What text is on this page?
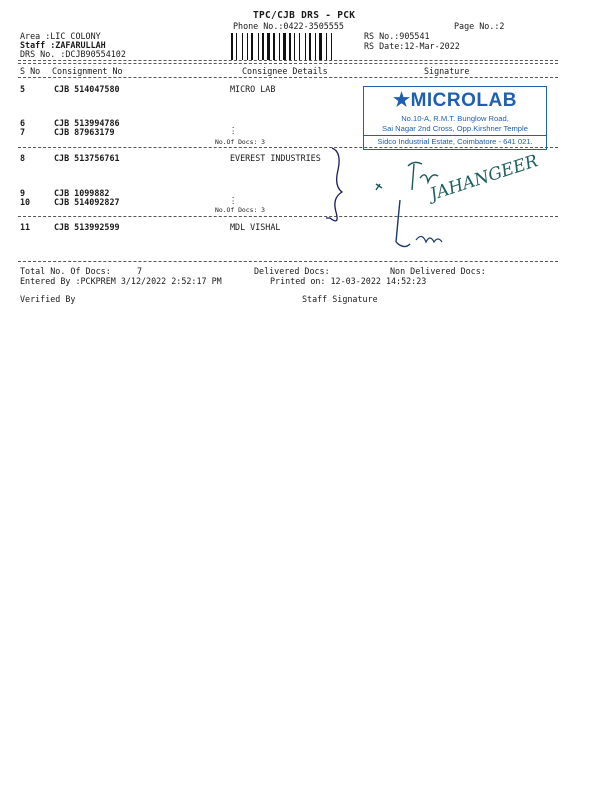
TPC/CJB DRS - PCK
Phone No.:0422-3505555	Page No.:2
Area :LIC COLONY
Staff :ZAFARULLAH
DRS No. :DCJB90554102
RS No.:905541
RS Date:12-Mar-2022
S No Consignment No	Consignee Details	Signature
5	CJB 514047580	MICRO LAB
6	CJB 513994786
7	CJB 87963179
.
:
No.Of Docs: 3
8	CJB 513756761	EVEREST INDUSTRIES
9	CJB 1099882
10	CJB 514092827
.
:
No.Of Docs: 3
11	CJB 513992599	MDL VISHAL
★MICROLAB
No.10-A, R.M.T. Bunglow Road,
Sai Nagar 2nd Cross, Opp.Kirshner Temple
Sidco Industrial Estate, Coimbatore - 641 021.
JAHANGEER
Total No. Of Docs:	7	Delivered Docs:	Non Delivered Docs:
Entered By :PCKPREM 3/12/2022 2:52:17 PM	Printed on: 12-03-2022 14:52:23
Verified By	Staff Signature
